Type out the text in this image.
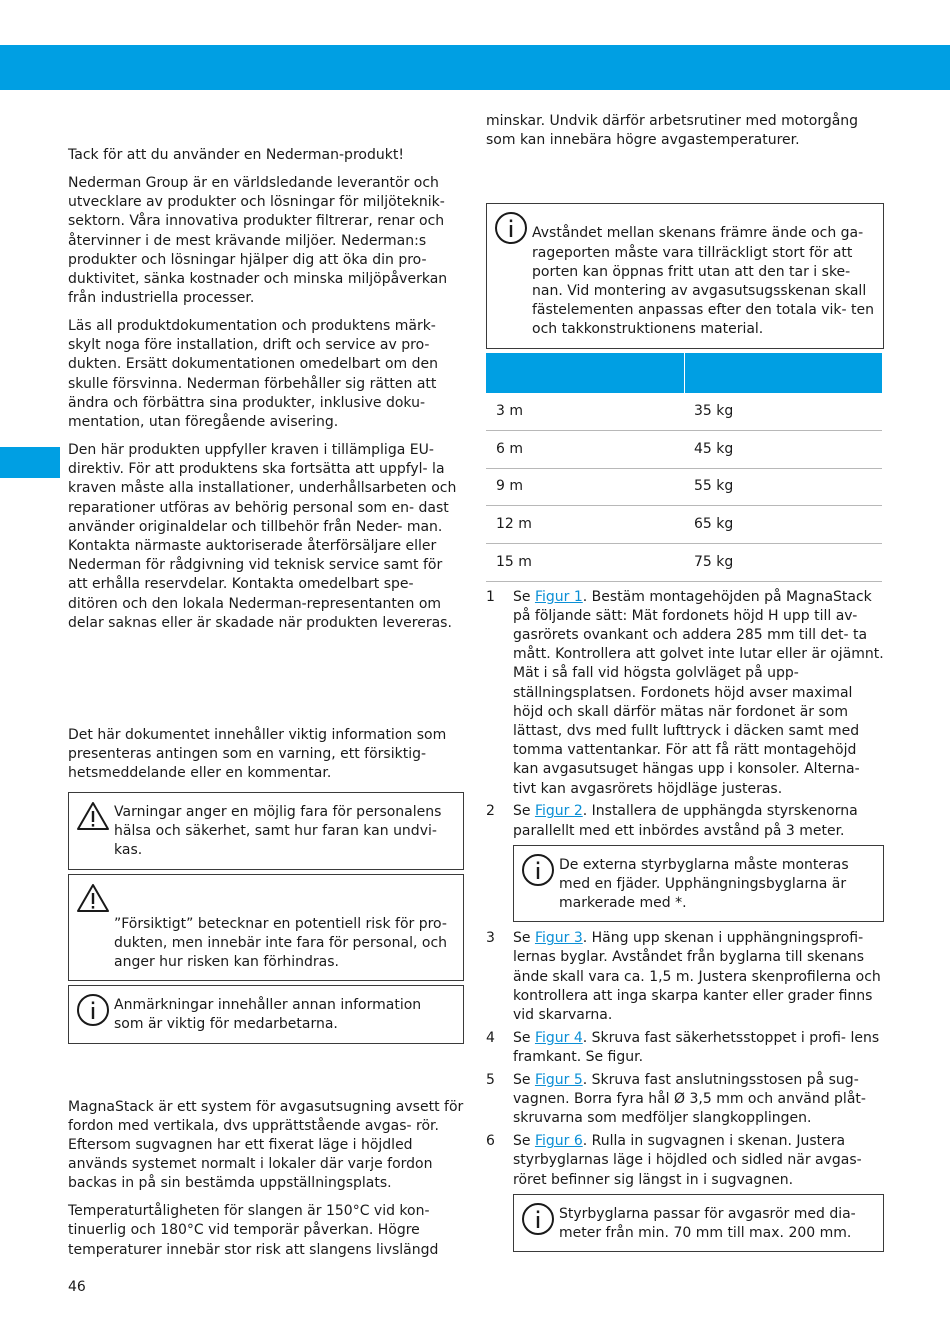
Tack för att du använder en Nederman-produkt!

Nederman Group är en världsledande leverantör och utvecklare av produkter och lösningar för miljöteknik- sektorn. Våra innovativa produkter filtrerar, renar och återvinner i de mest krävande miljöer. Nederman:s produkter och lösningar hjälper dig att öka din pro- duktivitet, sänka kostnader och minska miljöpåverkan från industriella processer.

Läs all produktdokumentation och produktens märk- skylt noga före installation, drift och service av pro- dukten. Ersätt dokumentationen omedelbart om den skulle försvinna. Nederman förbehåller sig rätten att ändra och förbättra sina produkter, inklusive doku- mentation, utan föregående avisering.

Den här produkten uppfyller kraven i tillämpliga EU- direktiv. För att produktens ska fortsätta att uppfyl- la kraven måste alla installationer, underhållsarbeten och reparationer utföras av behörig personal som en- dast använder originaldelar och tillbehör från Neder- man. Kontakta närmaste auktoriserade återförsäljare eller Nederman för rådgivning vid teknisk service samt för att erhålla reservdelar. Kontakta omedelbart spe- ditören och den lokala Nederman-representanten om delar saknas eller är skadade när produkten levereras.

Det här dokumentet innehåller viktig information som presenteras antingen som en varning, ett försiktig- hetsmeddelande eller en kommentar.

Varningar anger en möjlig fara för personalens hälsa och säkerhet, samt hur faran kan undvi- kas.
”Försiktigt” betecknar en potentiell risk för pro- dukten, men innebär inte fara för personal, och anger hur risken kan förhindras.
Anmärkningar innehåller annan information som är viktig för medarbetarna.

MagnaStack är ett system för avgasutsugning avsett för fordon med vertikala, dvs upprättstående avgas- rör. Eftersom sugvagnen har ett fixerat läge i höjdled används systemet normalt i lokaler där varje fordon backas in på sin bestämda uppställningsplats.

Temperaturtåligheten för slangen är 150°C vid kon- tinuerlig och 180°C vid temporär påverkan. Högre temperaturer innebär stor risk att slangens livslängd

minskar. Undvik därför arbetsrutiner med motorgång som kan innebära högre avgastemperaturer.

Avståndet mellan skenans främre ände och ga- rageporten måste vara tillräckligt stort för att porten kan öppnas fritt utan att den tar i ske- nan. Vid montering av avgasutsugsskenan skall fästelementen anpassas efter den totala vik- ten och takkonstruktionens material.

3 m	35 kg
6 m	45 kg
9 m	55 kg
12 m	65 kg
15 m	75 kg
1	Se Figur 1. Bestäm montagehöjden på MagnaStack på följande sätt: Mät fordonets höjd H upp till av- gasrörets ovankant och addera 285 mm till det- ta mått. Kontrollera att golvet inte lutar eller är ojämnt. Mät i så fall vid högsta golvläget på upp- ställningsplatsen. Fordonets höjd avser maximal höjd och skall därför mätas när fordonet är som lättast, dvs med fullt lufttryck i däcken samt med tomma vattentankar. För att få rätt montagehöjd kan avgasutsuget hängas upp i konsoler. Alterna- tivt kan avgasrörets höjdläge justeras.
2	Se Figur 2. Installera de upphängda styrskenorna parallellt med ett inbördes avstånd på 3 meter.
De externa styrbyglarna måste monteras med en fjäder. Upphängningsbyglarna är markerade med *.
3	Se Figur 3. Häng upp skenan i upphängningsprofi- lernas byglar. Avståndet från byglarna till skenans ände skall vara ca. 1,5 m. Justera skenprofilerna och kontrollera att inga skarpa kanter eller grader finns vid skarvarna.
4	Se Figur 4. Skruva fast säkerhetsstoppet i profi- lens framkant. Se figur.
5	Se Figur 5. Skruva fast anslutningsstosen på sug- vagnen. Borra fyra hål Ø 3,5 mm och använd plåt- skruvarna som medföljer slangkopplingen.
6	Se Figur 6. Rulla in sugvagnen i skenan. Justera styrbyglarnas läge i höjdled och sidled när avgas- röret befinner sig längst in i sugvagnen.
Styrbyglarna passar för avgasrör med dia- meter från min. 70 mm till max. 200 mm.
46
